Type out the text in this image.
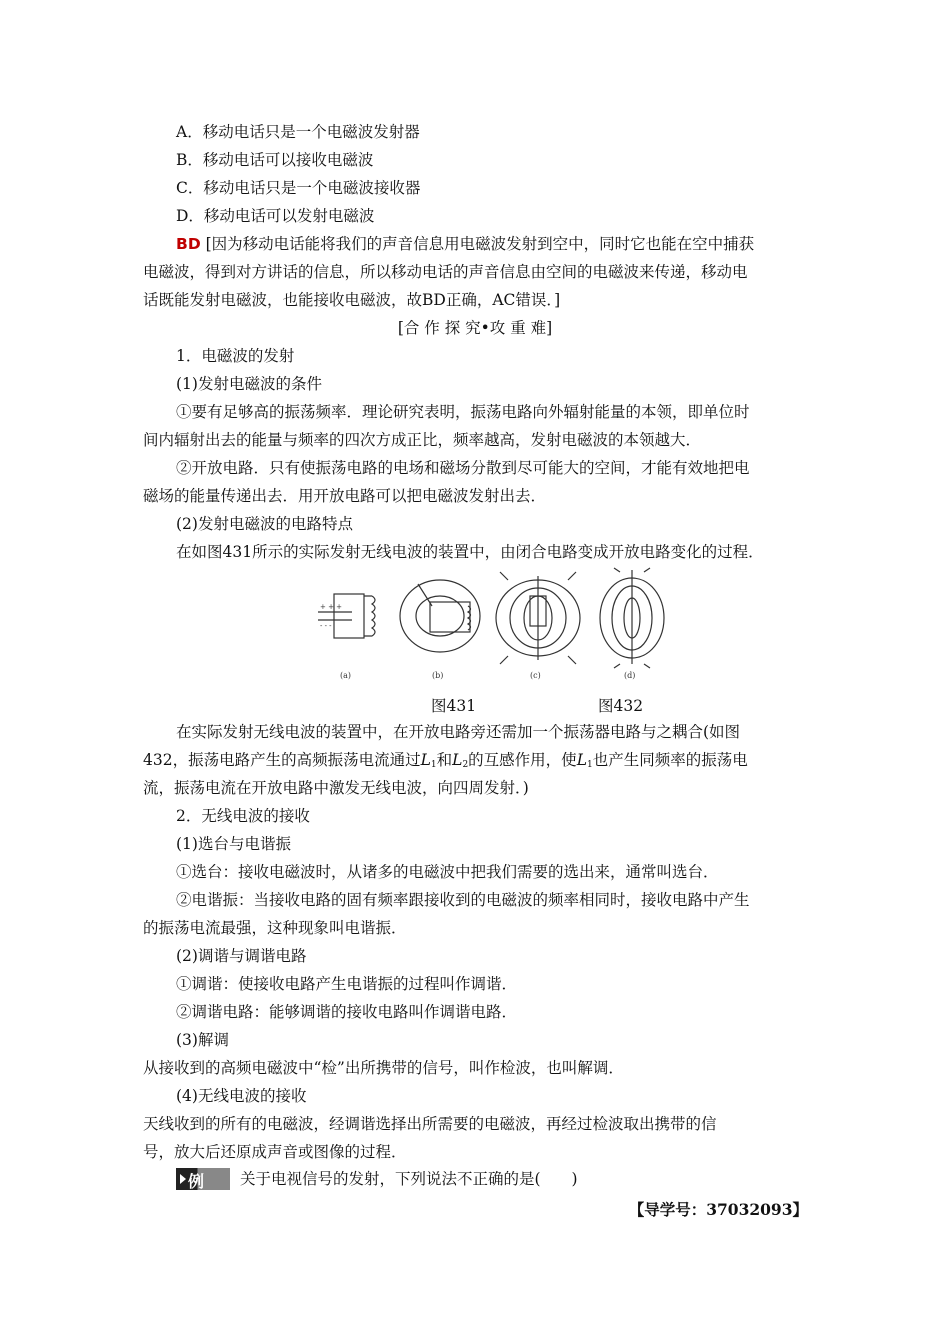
A．移动电话只是一个电磁波发射器
B．移动电话可以接收电磁波
C．移动电话只是一个电磁波接收器
D．移动电话可以发射电磁波
BD [因为移动电话能将我们的声音信息用电磁波发射到空中，同时它也能在空中捕获
电磁波，得到对方讲话的信息，所以移动电话的声音信息由空间的电磁波来传递，移动电
话既能发射电磁波，也能接收电磁波，故BD正确，AC错误．]
[合 作 探 究•攻 重 难]
1．电磁波的发射
(1)发射电磁波的条件
①要有足够高的振荡频率．理论研究表明，振荡电路向外辐射能量的本领，即单位时
间内辐射出去的能量与频率的四次方成正比，频率越高，发射电磁波的本领越大．
②开放电路．只有使振荡电路的电场和磁场分散到尽可能大的空间，才能有效地把电
磁场的能量传递出去．用开放电路可以把电磁波发射出去．
(2)发射电磁波的电路特点
在如图431所示的实际发射无线电波的装置中，由闭合电路变成开放电路变化的过程．
+ + +
- - -
(a)	(b)	(c)	(d)
图431	图432
在实际发射无线电波的装置中，在开放电路旁还需加一个振荡器电路与之耦合(如图
432，振荡电路产生的高频振荡电流通过$L_1$和$L_2$的互感作用，使$L_1$也产生同频率的振荡电
流，振荡电流在开放电路中激发无线电波，向四周发射．)
2．无线电波的接收
(1)选台与电谐振
①选台：接收电磁波时，从诸多的电磁波中把我们需要的选出来，通常叫选台．
②电谐振：当接收电路的固有频率跟接收到的电磁波的频率相同时，接收电路中产生
的振荡电流最强，这种现象叫电谐振．
(2)调谐与调谐电路
①调谐：使接收电路产生电谐振的过程叫作调谐．
②调谐电路：能够调谐的接收电路叫作调谐电路．
(3)解调
从接收到的高频电磁波中“检”出所携带的信号，叫作检波，也叫解调．
(4)无线电波的接收
天线收到的所有的电磁波，经调谐选择出所需要的电磁波，再经过检波取出携带的信
号，放大后还原成声音或图像的过程．
例 关于电视信号的发射，下列说法不正确的是(　　)
【导学号：37032093】
